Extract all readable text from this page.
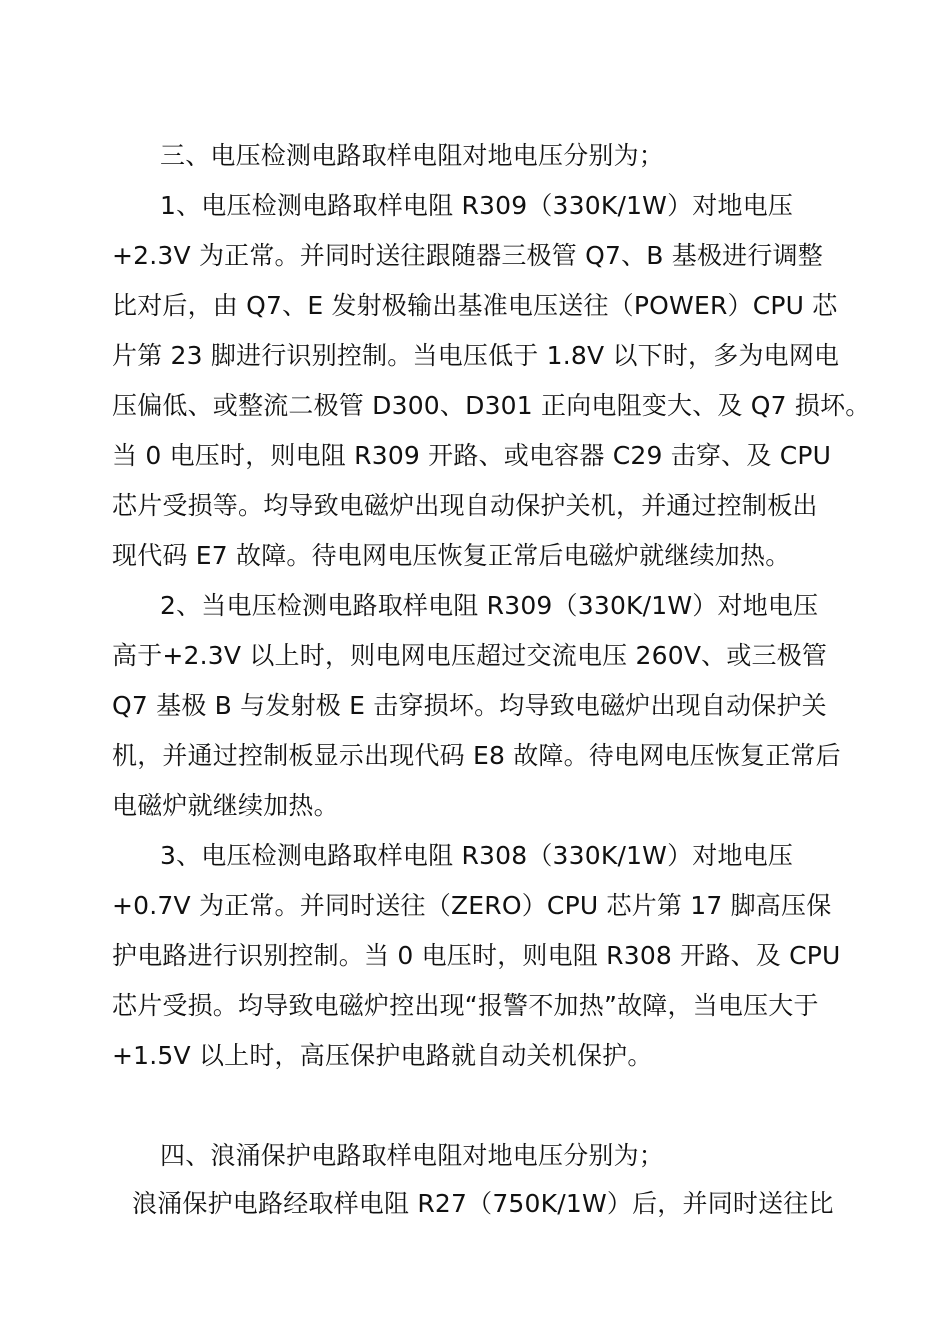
三、电压检测电路取样电阻对地电压分别为；
1、电压检测电路取样电阻 R309（330K/1W）对地电压
+2.3V 为正常。并同时送往跟随器三极管 Q7、B 基极进行调整
比对后，由 Q7、E 发射极输出基准电压送往（POWER）CPU 芯
片第 23 脚进行识别控制。当电压低于 1.8V 以下时，多为电网电
压偏低、或整流二极管 D300、D301 正向电阻变大、及 Q7 损坏。
当 0 电压时，则电阻 R309 开路、或电容器 C29 击穿、及 CPU
芯片受损等。均导致电磁炉出现自动保护关机，并通过控制板出
现代码 E7 故障。待电网电压恢复正常后电磁炉就继续加热。
2、当电压检测电路取样电阻 R309（330K/1W）对地电压
高于+2.3V 以上时，则电网电压超过交流电压 260V、或三极管
Q7 基极 B 与发射极 E 击穿损坏。均导致电磁炉出现自动保护关
机，并通过控制板显示出现代码 E8 故障。待电网电压恢复正常后
电磁炉就继续加热。
3、电压检测电路取样电阻 R308（330K/1W）对地电压
+0.7V 为正常。并同时送往（ZERO）CPU 芯片第 17 脚高压保
护电路进行识别控制。当 0 电压时，则电阻 R308 开路、及 CPU
芯片受损。均导致电磁炉控出现“报警不加热”故障，当电压大于
+1.5V 以上时，高压保护电路就自动关机保护。
四、浪涌保护电路取样电阻对地电压分别为；
浪涌保护电路经取样电阻 R27（750K/1W）后，并同时送往比
